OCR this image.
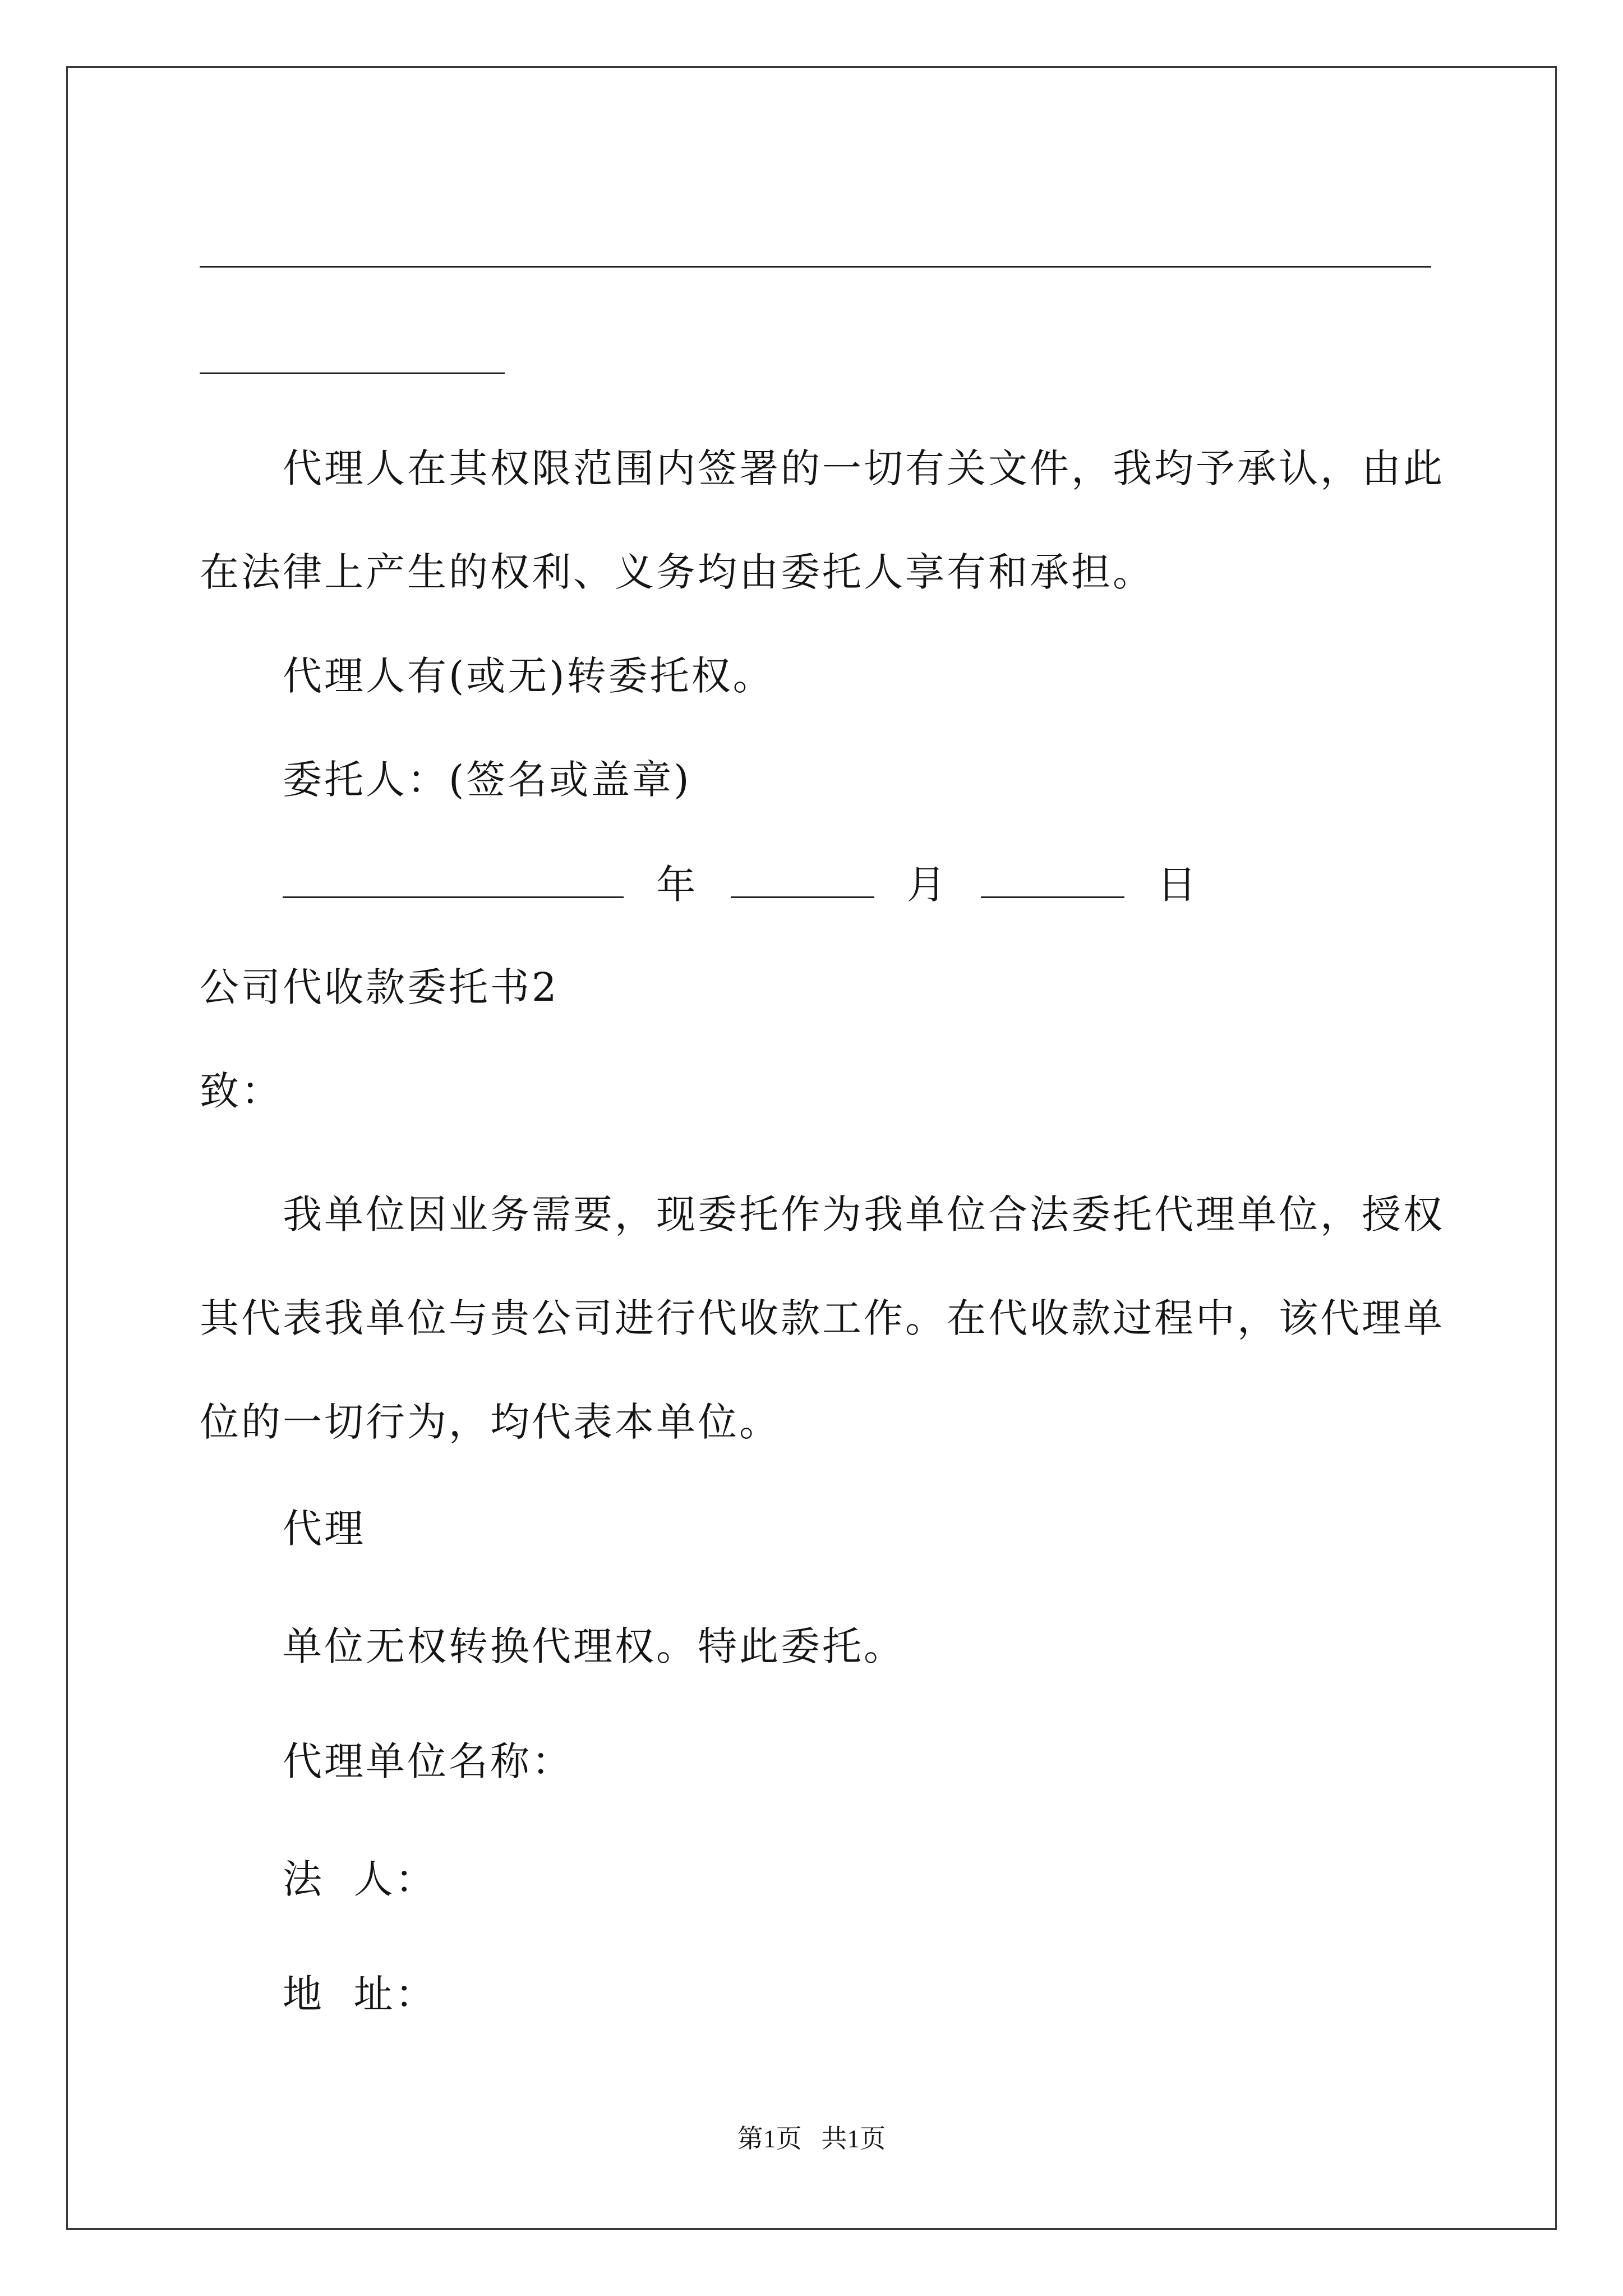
代理人在其权限范围内签署的一切有关文件，我均予承认，由此
在法律上产生的权利、义务均由委托人享有和承担。
代理人有(或无)转委托权。
委托人：(签名或盖章)
年	月	日
公司代收款委托书2
致：
我单位因业务需要，现委托作为我单位合法委托代理单位，授权
其代表我单位与贵公司进行代收款工作。在代收款过程中，该代理单
位的一切行为，均代表本单位。
代理
单位无权转换代理权。特此委托。
代理单位名称：
法  人：
地  址：
第1页   共1页
